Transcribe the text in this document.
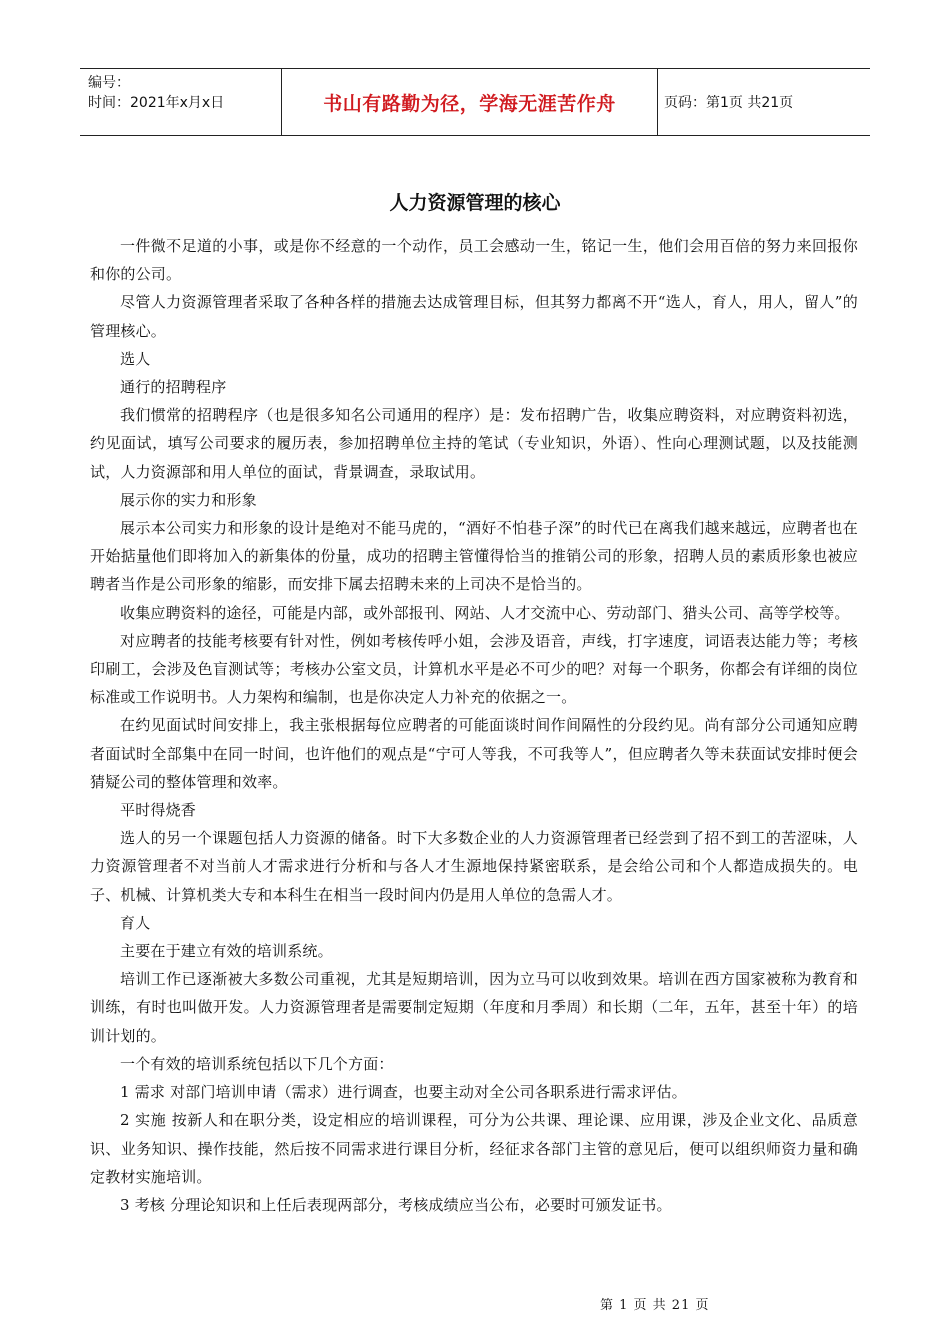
编号：
时间：2021年x月x日	书山有路勤为径，学海无涯苦作舟	页码：第1页 共21页
人力资源管理的核心

一件微不足道的小事，或是你不经意的一个动作，员工会感动一生，铭记一生，他们会用百倍的努力来回报你和你的公司。

尽管人力资源管理者采取了各种各样的措施去达成管理目标，但其努力都离不开“选人，育人，用人，留人”的管理核心。

选人

通行的招聘程序

我们惯常的招聘程序（也是很多知名公司通用的程序）是：发布招聘广告，收集应聘资料，对应聘资料初选，约见面试，填写公司要求的履历表，参加招聘单位主持的笔试（专业知识，外语）、性向心理测试题，以及技能测试，人力资源部和用人单位的面试，背景调查，录取试用。

展示你的实力和形象

展示本公司实力和形象的设计是绝对不能马虎的，“酒好不怕巷子深”的时代已在离我们越来越远，应聘者也在开始掂量他们即将加入的新集体的份量，成功的招聘主管懂得恰当的推销公司的形象，招聘人员的素质形象也被应聘者当作是公司形象的缩影，而安排下属去招聘未来的上司决不是恰当的。

收集应聘资料的途径，可能是内部，或外部报刊、网站、人才交流中心、劳动部门、猎头公司、高等学校等。

对应聘者的技能考核要有针对性，例如考核传呼小姐，会涉及语音，声线，打字速度，词语表达能力等；考核印刷工，会涉及色盲测试等；考核办公室文员，计算机水平是必不可少的吧？对每一个职务，你都会有详细的岗位标准或工作说明书。人力架构和编制，也是你决定人力补充的依据之一。

在约见面试时间安排上，我主张根据每位应聘者的可能面谈时间作间隔性的分段约见。尚有部分公司通知应聘者面试时全部集中在同一时间，也许他们的观点是“宁可人等我，不可我等人”，但应聘者久等未获面试安排时便会猜疑公司的整体管理和效率。

平时得烧香

选人的另一个课题包括人力资源的储备。时下大多数企业的人力资源管理者已经尝到了招不到工的苦涩味，人力资源管理者不对当前人才需求进行分析和与各人才生源地保持紧密联系，是会给公司和个人都造成损失的。电子、机械、计算机类大专和本科生在相当一段时间内仍是用人单位的急需人才。

育人

主要在于建立有效的培训系统。

培训工作已逐渐被大多数公司重视，尤其是短期培训，因为立马可以收到效果。培训在西方国家被称为教育和训练，有时也叫做开发。人力资源管理者是需要制定短期（年度和月季周）和长期（二年，五年，甚至十年）的培训计划的。

一个有效的培训系统包括以下几个方面：

1 需求 对部门培训申请（需求）进行调查，也要主动对全公司各职系进行需求评估。

2 实施 按新人和在职分类，设定相应的培训课程，可分为公共课、理论课、应用课，涉及企业文化、品质意识、业务知识、操作技能，然后按不同需求进行课目分析，经征求各部门主管的意见后，便可以组织师资力量和确定教材实施培训。

3 考核 分理论知识和上任后表现两部分，考核成绩应当公布，必要时可颁发证书。

第 1 页 共 21 页
